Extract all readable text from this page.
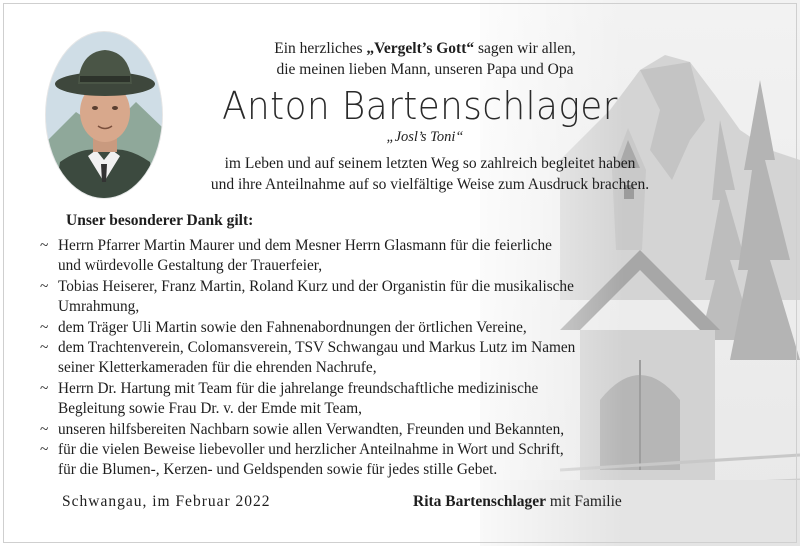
Ein herzliches „Vergelt’s Gott“ sagen wir allen,
die meinen lieben Mann, unseren Papa und Opa
Anton Bartenschlager
„Josl’s Toni“
im Leben und auf seinem letzten Weg so zahlreich begleitet haben
und ihre Anteilnahme auf so vielfältige Weise zum Ausdruck brachten.
Unser besonderer Dank gilt:
~ Herrn Pfarrer Martin Maurer und dem Mesner Herrn Glasmann für die feierliche
und würdevolle Gestaltung der Trauerfeier,
~ Tobias Heiserer, Franz Martin, Roland Kurz und der Organistin für die musikalische
Umrahmung,
~ dem Träger Uli Martin sowie den Fahnenabordnungen der örtlichen Vereine,
~ dem Trachtenverein, Colomansverein, TSV Schwangau und Markus Lutz im Namen
seiner Kletterkameraden für die ehrenden Nachrufe,
~ Herrn Dr. Hartung mit Team für die jahrelange freundschaftliche medizinische
Begleitung sowie Frau Dr. v. der Emde mit Team,
~ unseren hilfsbereiten Nachbarn sowie allen Verwandten, Freunden und Bekannten,
~ für die vielen Beweise liebevoller und herzlicher Anteilnahme in Wort und Schrift,
für die Blumen-, Kerzen- und Geldspenden sowie für jedes stille Gebet.
Schwangau, im Februar 2022	Rita Bartenschlager mit Familie
